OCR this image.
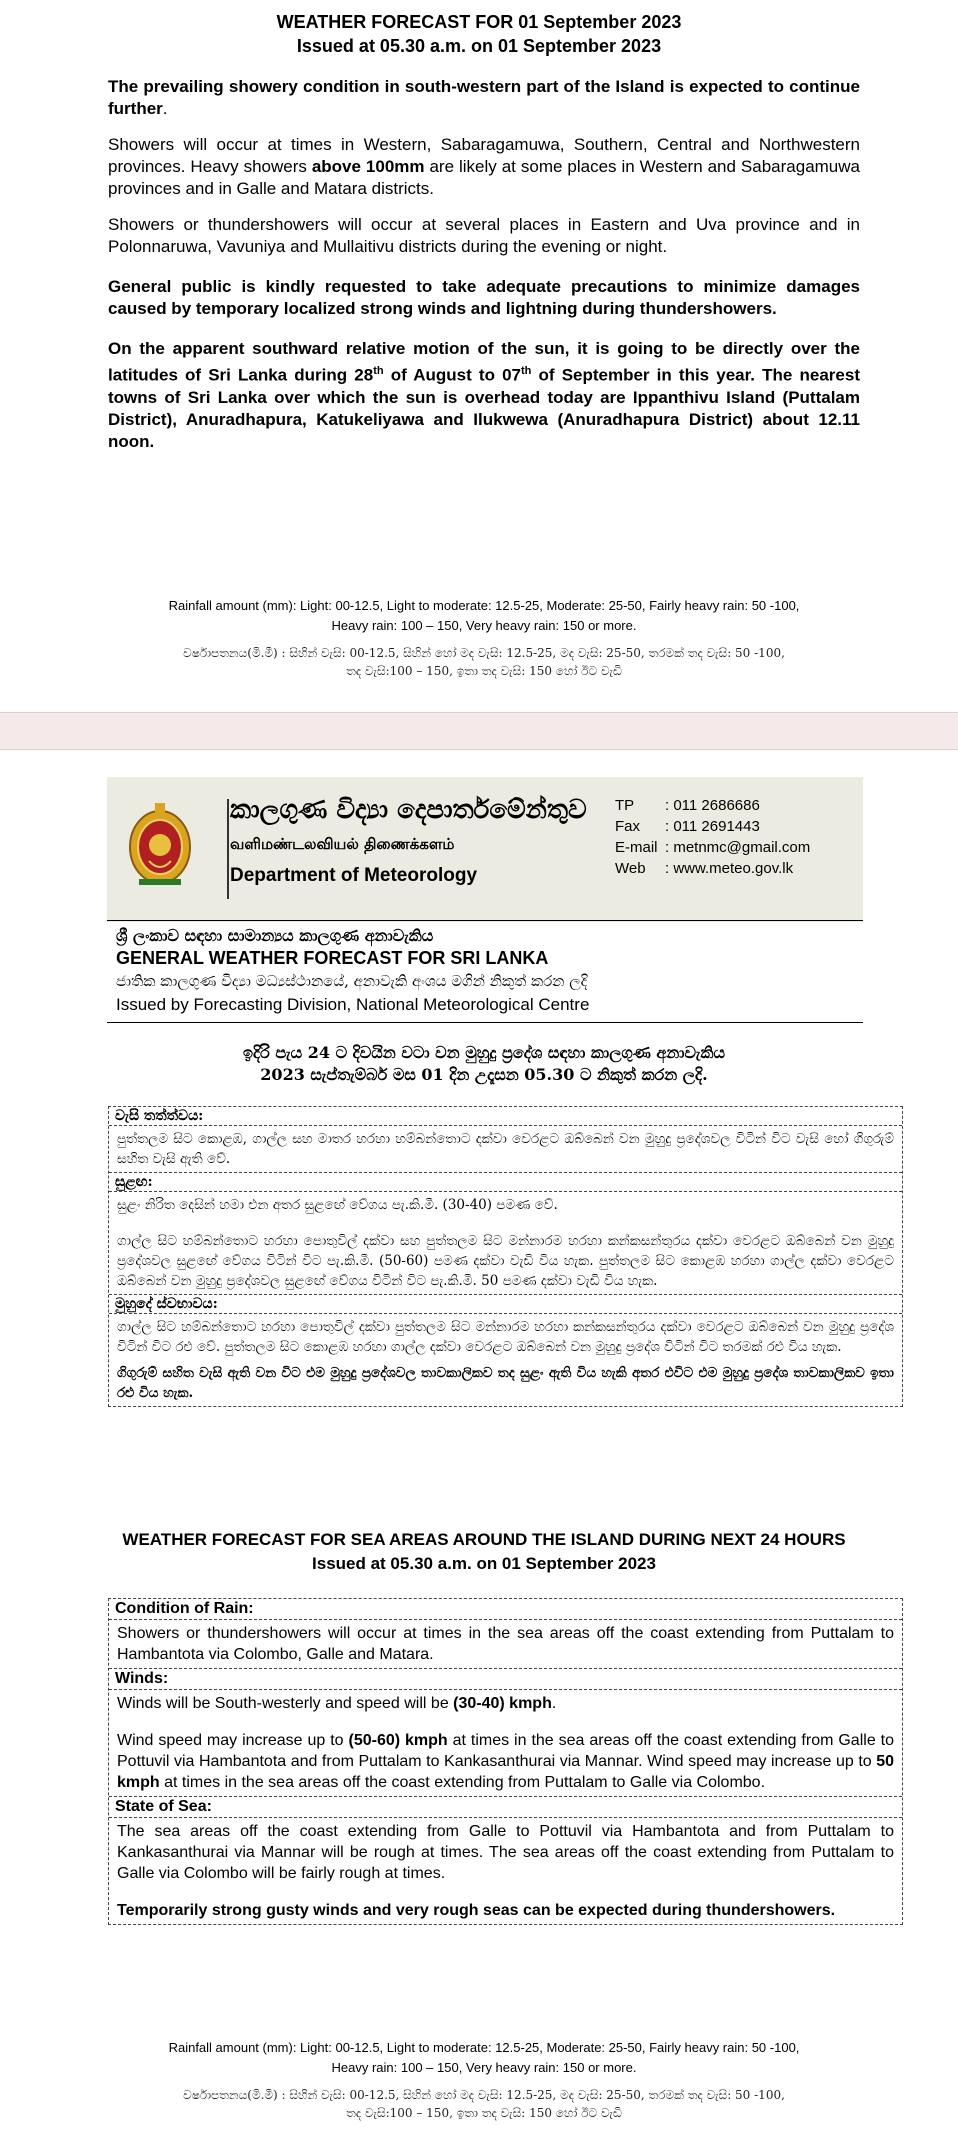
WEATHER FORECAST FOR 01 September 2023
Issued at 05.30 a.m. on 01 September 2023
The prevailing showery condition in south-western part of the Island is expected to continue further.
Showers will occur at times in Western, Sabaragamuwa, Southern, Central and Northwestern provinces. Heavy showers above 100mm are likely at some places in Western and Sabaragamuwa provinces and in Galle and Matara districts.
Showers or thundershowers will occur at several places in Eastern and Uva province and in Polonnaruwa, Vavuniya and Mullaitivu districts during the evening or night.
General public is kindly requested to take adequate precautions to minimize damages caused by temporary localized strong winds and lightning during thundershowers.
On the apparent southward relative motion of the sun, it is going to be directly over the latitudes of Sri Lanka during 28th of August to 07th of September in this year. The nearest towns of Sri Lanka over which the sun is overhead today are Ippanthivu Island (Puttalam District), Anuradhapura, Katukeliyawa and Ilukwewa (Anuradhapura District) about 12.11 noon.
Rainfall amount (mm): Light: 00-12.5, Light to moderate: 12.5-25, Moderate: 25-50, Fairly heavy rain: 50 -100,
Heavy rain: 100 – 150, Very heavy rain: 150 or more.
වර්ෂාපතනය(මි.මී) : සිහින් වැසි: 00-12.5, සිහින් හෝ මද වැසි: 12.5-25, මද වැසි: 25-50, තරමක් තද වැසි: 50 -100,
තද වැසි:100 – 150, ඉතා තද වැසි: 150 හෝ ඊට වැඩි
කාලගුණ විද්‍යා දෙපාර්තමේන්තුව
வளிமண்டலவியல் திணைக்களம்
Department of Meteorology
TP : 011 2686686
Fax : 011 2691443
E-mail : metnmc@gmail.com
Web : www.meteo.gov.lk
ශ්‍රී ලංකාව සඳහා සාමාන්‍යය කාලගුණ අනාවැකිය
GENERAL WEATHER FORECAST FOR SRI LANKA
ජාතික කාලගුණ විද්‍යා මධ්‍යස්ථානයේ, අනාවැකි අංශය මගින් නිකුත් කරන ලදි
Issued by Forecasting Division, National Meteorological Centre
ඉදිරි පැය 24 ට දිවයින වටා වන මුහුදු ප්‍රදේශ සඳහා කාලගුණ අනාවැකිය
2023 සැප්තැම්බර් මස 01 දින උදෑසන 05.30 ට නිකුත් කරන ලදි.
වැසි තත්ත්වය:
පුත්තලම සිට කොළඹ, ගාල්ල සහ මාතර හරහා හම්බන්තොට දක්වා වෙරළට ඔබ්බෙන් වන මුහුදු ප්‍රදේශවල විටින් විට වැසි හෝ ගිගුරුම් සහිත වැසි ඇති වේ.
සුළඟ:
සුළං නිරිත දෙසින් හමා එන අතර සුළඟේ වේගය පැ.කි.මී. (30-40) පමණ වේ.
ගාල්ල සිට හම්බන්තොට හරහා පොතුවිල් දක්වා සහ පුත්තලම සිට මන්නාරම හරහා කන්කසන්තුරය දක්වා වෙරළට ඔබ්බෙන් වන මුහුදු ප්‍රදේශවල සුළඟේ වේගය විටින් විට පැ.කි.මී. (50-60) පමණ දක්වා වැඩි විය හැක. පුත්තලම සිට කොළඹ හරහා ගාල්ල දක්වා වෙරළට ඔබ්බෙන් වන මුහුදු ප්‍රදේශවල සුළඟේ වේගය විටින් විට පැ.කි.මී. 50 පමණ දක්වා වැඩි විය හැක.
මුහුදේ ස්වභාවය:
ගාල්ල සිට හම්බන්තොට හරහා පොතුවිල් දක්වා පුත්තලම සිට මන්නාරම හරහා කන්කසන්තුරය දක්වා වෙරළට ඔබ්බෙන් වන මුහුදු ප්‍රදේශ විටින් විට රළු වේ. පුත්තලම සිට කොළඹ හරහා ගාල්ල දක්වා වෙරළට ඔබ්බෙන් වන මුහුදු ප්‍රදේශ විටින් විට තරමක් රළු විය හැක.
ගිගුරුම් සහිත වැසි ඇති වන විට එම මුහුදු ප්‍රදේශවල තාවකාලිකව තද සුළං ඇති විය හැකි අතර එවිට එම මුහුදු ප්‍රදේශ තාවකාලිකව ඉතා රළු විය හැක.
WEATHER FORECAST FOR SEA AREAS AROUND THE ISLAND DURING NEXT 24 HOURS
Issued at 05.30 a.m. on 01 September 2023
Condition of Rain:
Showers or thundershowers will occur at times in the sea areas off the coast extending from Puttalam to Hambantota via Colombo, Galle and Matara.
Winds:
Winds will be South-westerly and speed will be (30-40) kmph.
Wind speed may increase up to (50-60) kmph at times in the sea areas off the coast extending from Galle to Pottuvil via Hambantota and from Puttalam to Kankasanthurai via Mannar. Wind speed may increase up to 50 kmph at times in the sea areas off the coast extending from Puttalam to Galle via Colombo.
State of Sea:
The sea areas off the coast extending from Galle to Pottuvil via Hambantota and from Puttalam to Kankasanthurai via Mannar will be rough at times. The sea areas off the coast extending from Puttalam to Galle via Colombo will be fairly rough at times.
Temporarily strong gusty winds and very rough seas can be expected during thundershowers.
Rainfall amount (mm): Light: 00-12.5, Light to moderate: 12.5-25, Moderate: 25-50, Fairly heavy rain: 50 -100,
Heavy rain: 100 – 150, Very heavy rain: 150 or more.
වර්ෂාපතනය(මි.මී) : සිහින් වැසි: 00-12.5, සිහින් හෝ මද වැසි: 12.5-25, මද වැසි: 25-50, තරමක් තද වැසි: 50 -100,
තද වැසි:100 – 150, ඉතා තද වැසි: 150 හෝ ඊට වැඩි
